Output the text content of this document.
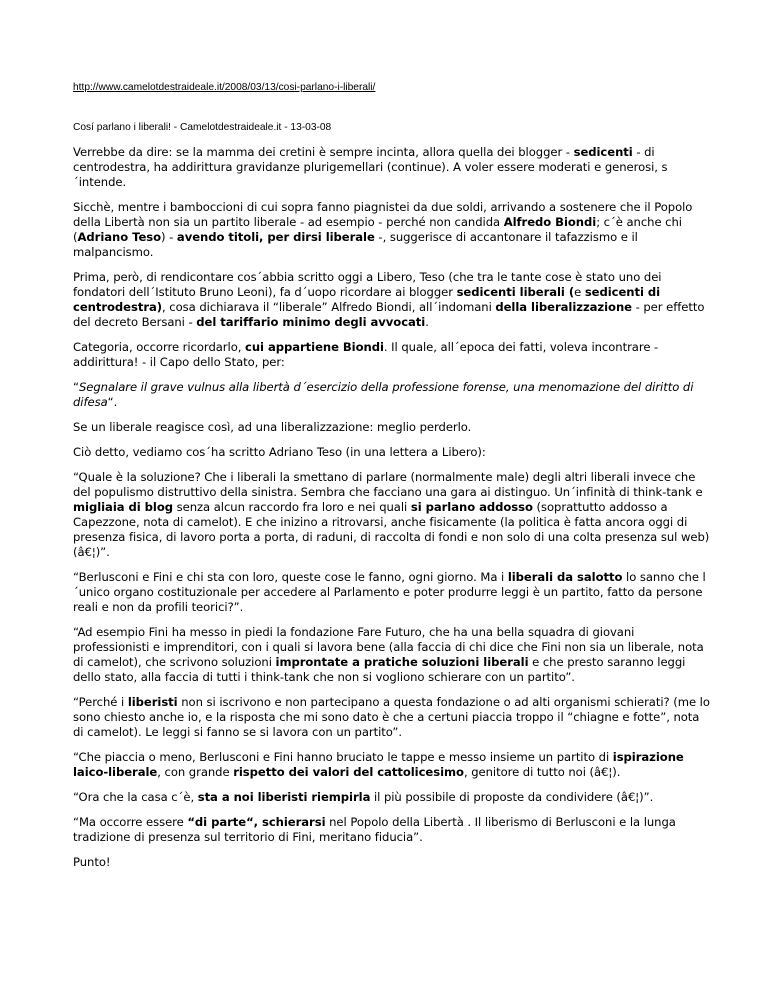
http://www.camelotdestraideale.it/2008/03/13/cosi-parlano-i-liberali/
Cosí parlano i liberali! - Camelotdestraideale.it - 13-03-08

Verrebbe da dire: se la mamma dei cretini è sempre incinta, allora quella dei blogger - sedicenti - di centrodestra, ha addirittura gravidanze plurigemellari (continue). A voler essere moderati e generosi, s´intende.

Sicchè, mentre i bamboccioni di cui sopra fanno piagnistei da due soldi, arrivando a sostenere che il Popolo della Libertà non sia un partito liberale - ad esempio - perché non candida Alfredo Biondi; c´è anche chi (Adriano Teso) - avendo titoli, per dirsi liberale -, suggerisce di accantonare il tafazzismo e il malpancismo.

Prima, però, di rendicontare cos´abbia scritto oggi a Libero, Teso (che tra le tante cose è stato uno dei fondatori dell´Istituto Bruno Leoni), fa d´uopo ricordare ai blogger sedicenti liberali (e sedicenti di centrodestra), cosa dichiarava il “liberale” Alfredo Biondi, all´indomani della liberalizzazione - per effetto del decreto Bersani - del tariffario minimo degli avvocati.

Categoria, occorre ricordarlo, cui appartiene Biondi. Il quale, all´epoca dei fatti, voleva incontrare - addirittura! - il Capo dello Stato, per:

“Segnalare il grave vulnus alla libertà d´esercizio della professione forense, una menomazione del diritto di difesa“.

Se un liberale reagisce così, ad una liberalizzazione: meglio perderlo.

Ciò detto, vediamo cos´ha scritto Adriano Teso (in una lettera a Libero):

“Quale è la soluzione? Che i liberali la smettano di parlare (normalmente male) degli altri liberali invece che del populismo distruttivo della sinistra. Sembra che facciano una gara ai distinguo. Un´infinità di think-tank e migliaia di blog senza alcun raccordo fra loro e nei quali si parlano addosso (soprattutto addosso a Capezzone, nota di camelot). E che inizino a ritrovarsi, anche fisicamente (la politica è fatta ancora oggi di presenza fisica, di lavoro porta a porta, di raduni, di raccolta di fondi e non solo di una colta presenza sul web) (â€¦)”.

“Berlusconi e Fini e chi sta con loro, queste cose le fanno, ogni giorno. Ma i liberali da salotto lo sanno che l´unico organo costituzionale per accedere al Parlamento e poter produrre leggi è un partito, fatto da persone reali e non da profili teorici?”.

“Ad esempio Fini ha messo in piedi la fondazione Fare Futuro, che ha una bella squadra di giovani professionisti e imprenditori, con i quali si lavora bene (alla faccia di chi dice che Fini non sia un liberale, nota di camelot), che scrivono soluzioni improntate a pratiche soluzioni liberali e che presto saranno leggi dello stato, alla faccia di tutti i think-tank che non si vogliono schierare con un partito”.

“Perché i liberisti non si iscrivono e non partecipano a questa fondazione o ad alti organismi schierati? (me lo sono chiesto anche io, e la risposta che mi sono dato è che a certuni piaccia troppo il “chiagne e fotte”, nota di camelot). Le leggi si fanno se si lavora con un partito”.

“Che piaccia o meno, Berlusconi e Fini hanno bruciato le tappe e messo insieme un partito di ispirazione laico-liberale, con grande rispetto dei valori del cattolicesimo, genitore di tutto noi (â€¦).

“Ora che la casa c´è, sta a noi liberisti riempirla il più possibile di proposte da condividere (â€¦)”.

“Ma occorre essere “di parte“, schierarsi nel Popolo della Libertà . Il liberismo di Berlusconi e la lunga tradizione di presenza sul territorio di Fini, meritano fiducia”.

Punto!
